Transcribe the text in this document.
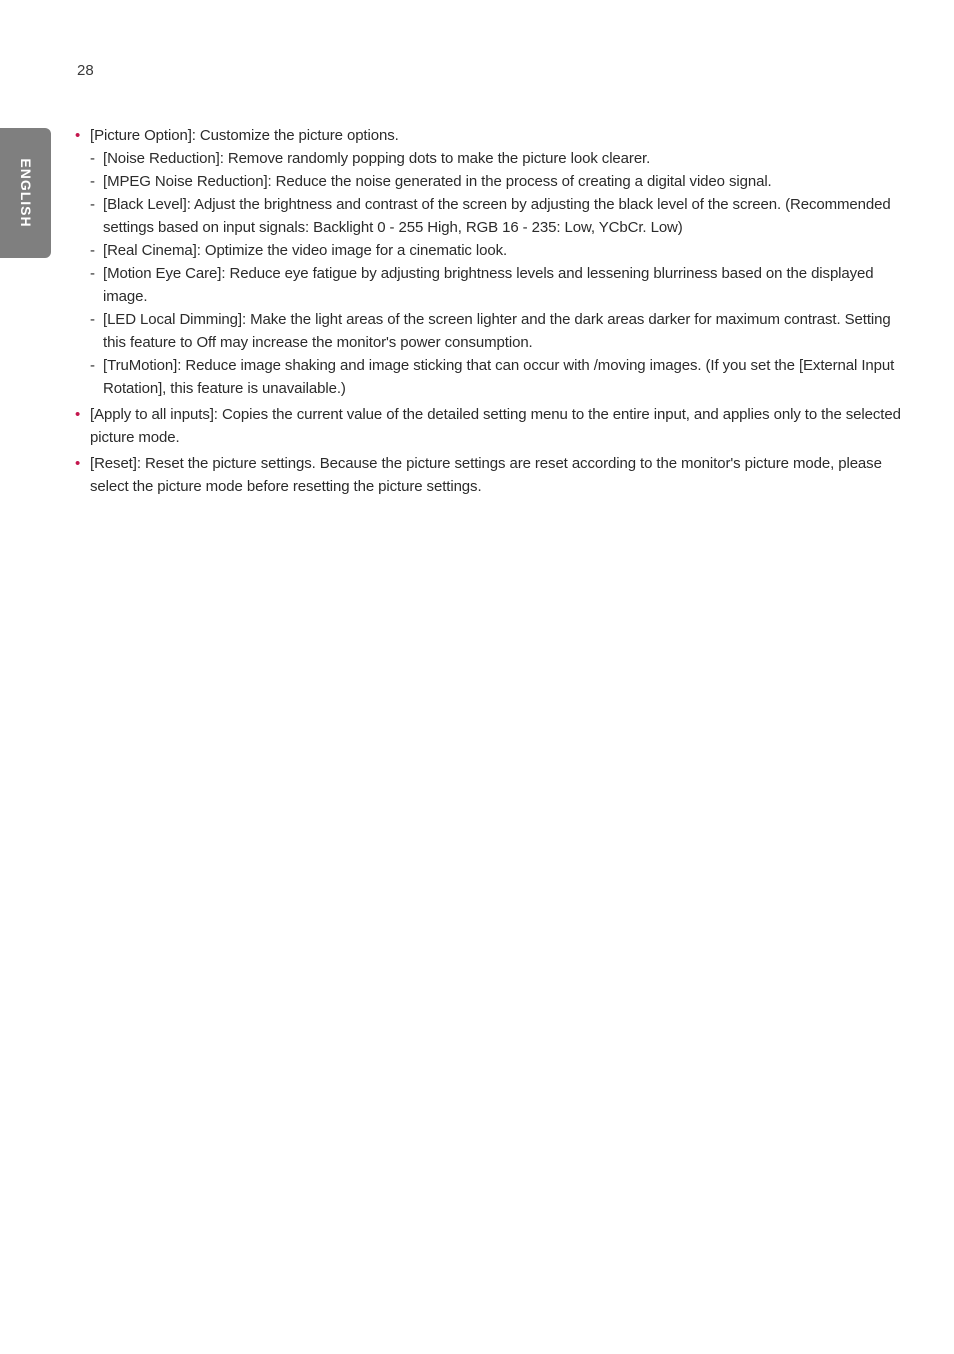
28
ENGLISH
• [Picture Option]: Customize the picture options.
- [Noise Reduction]: Remove randomly popping dots to make the picture look clearer.
- [MPEG Noise Reduction]: Reduce the noise generated in the process of creating a digital video signal.
- [Black Level]: Adjust the brightness and contrast of the screen by adjusting the black level of the screen. (Recommended settings based on input signals: Backlight 0 - 255 High, RGB 16 - 235: Low, YCbCr. Low)
- [Real Cinema]: Optimize the video image for a cinematic look.
- [Motion Eye Care]: Reduce eye fatigue by adjusting brightness levels and lessening blurriness based on the displayed image.
- [LED Local Dimming]: Make the light areas of the screen lighter and the dark areas darker for maximum contrast. Setting this feature to Off may increase the monitor's power consumption.
- [TruMotion]: Reduce image shaking and image sticking that can occur with /moving images. (If you set the [External Input Rotation], this feature is unavailable.)
• [Apply to all inputs]: Copies the current value of the detailed setting menu to the entire input, and applies only to the selected picture mode.
• [Reset]: Reset the picture settings. Because the picture settings are reset according to the monitor's picture mode, please select the picture mode before resetting the picture settings.
